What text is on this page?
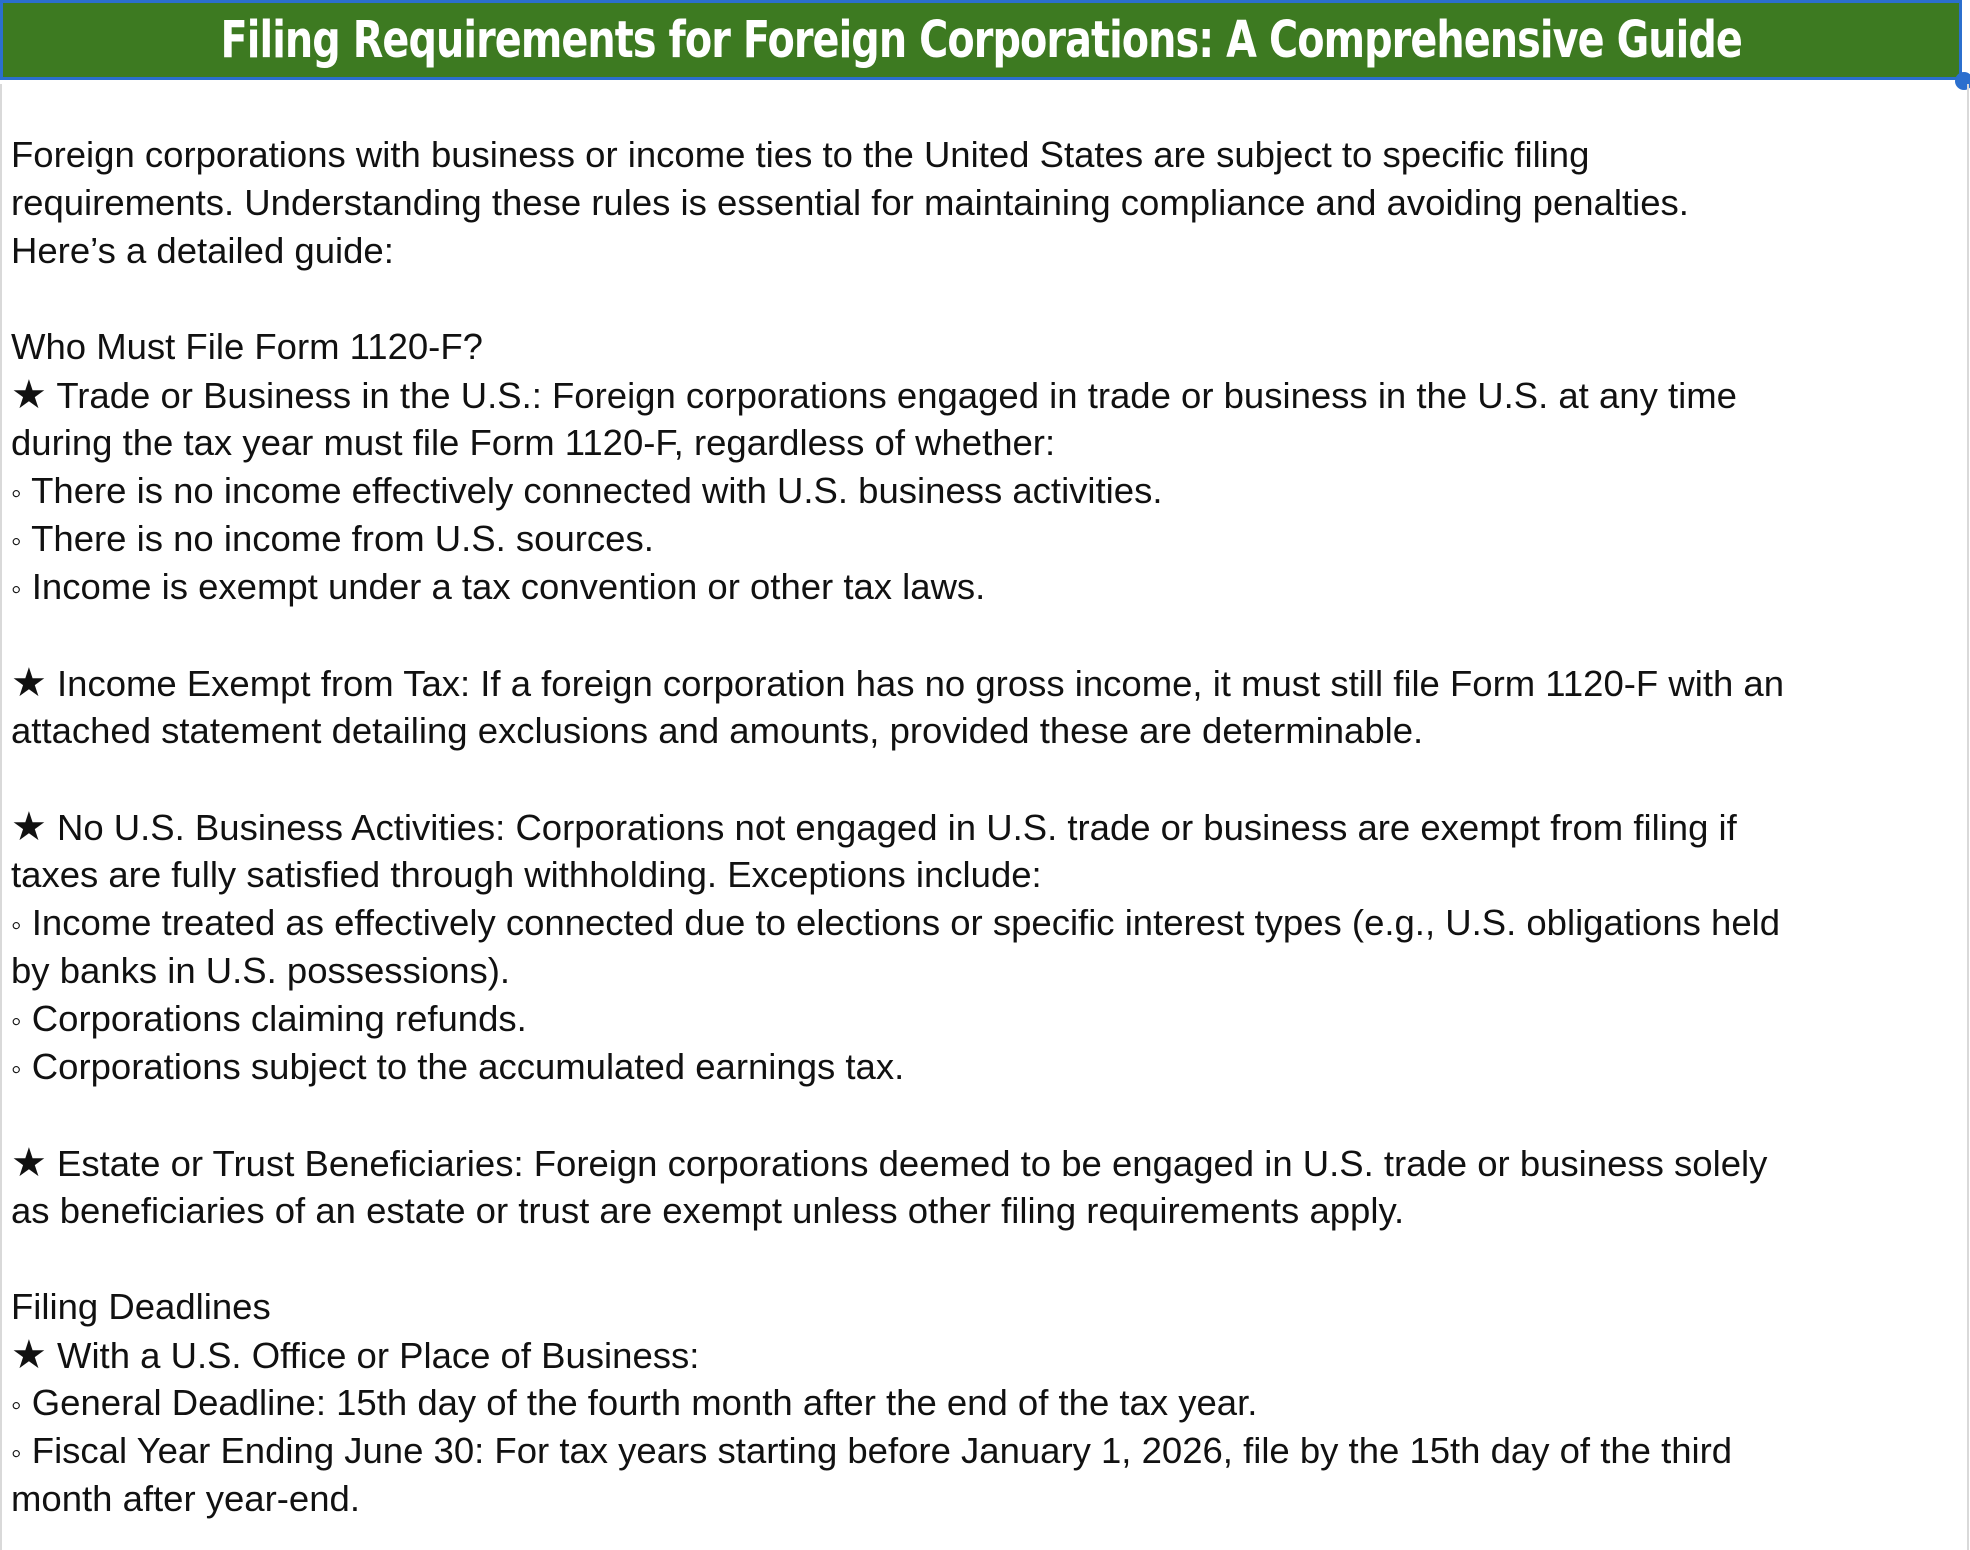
Filing Requirements for Foreign Corporations: A Comprehensive Guide
Foreign corporations with business or income ties to the United States are subject to specific filing
requirements. Understanding these rules is essential for maintaining compliance and avoiding penalties.
Here’s a detailed guide:
Who Must File Form 1120-F?
★ Trade or Business in the U.S.: Foreign corporations engaged in trade or business in the U.S. at any time
during the tax year must file Form 1120-F, regardless of whether:
◦ There is no income effectively connected with U.S. business activities.
◦ There is no income from U.S. sources.
◦ Income is exempt under a tax convention or other tax laws.
★ Income Exempt from Tax: If a foreign corporation has no gross income, it must still file Form 1120-F with an
attached statement detailing exclusions and amounts, provided these are determinable.
★ No U.S. Business Activities: Corporations not engaged in U.S. trade or business are exempt from filing if
taxes are fully satisfied through withholding. Exceptions include:
◦ Income treated as effectively connected due to elections or specific interest types (e.g., U.S. obligations held
by banks in U.S. possessions).
◦ Corporations claiming refunds.
◦ Corporations subject to the accumulated earnings tax.
★ Estate or Trust Beneficiaries: Foreign corporations deemed to be engaged in U.S. trade or business solely
as beneficiaries of an estate or trust are exempt unless other filing requirements apply.
Filing Deadlines
★ With a U.S. Office or Place of Business:
◦ General Deadline: 15th day of the fourth month after the end of the tax year.
◦ Fiscal Year Ending June 30: For tax years starting before January 1, 2026, file by the 15th day of the third
month after year-end.
